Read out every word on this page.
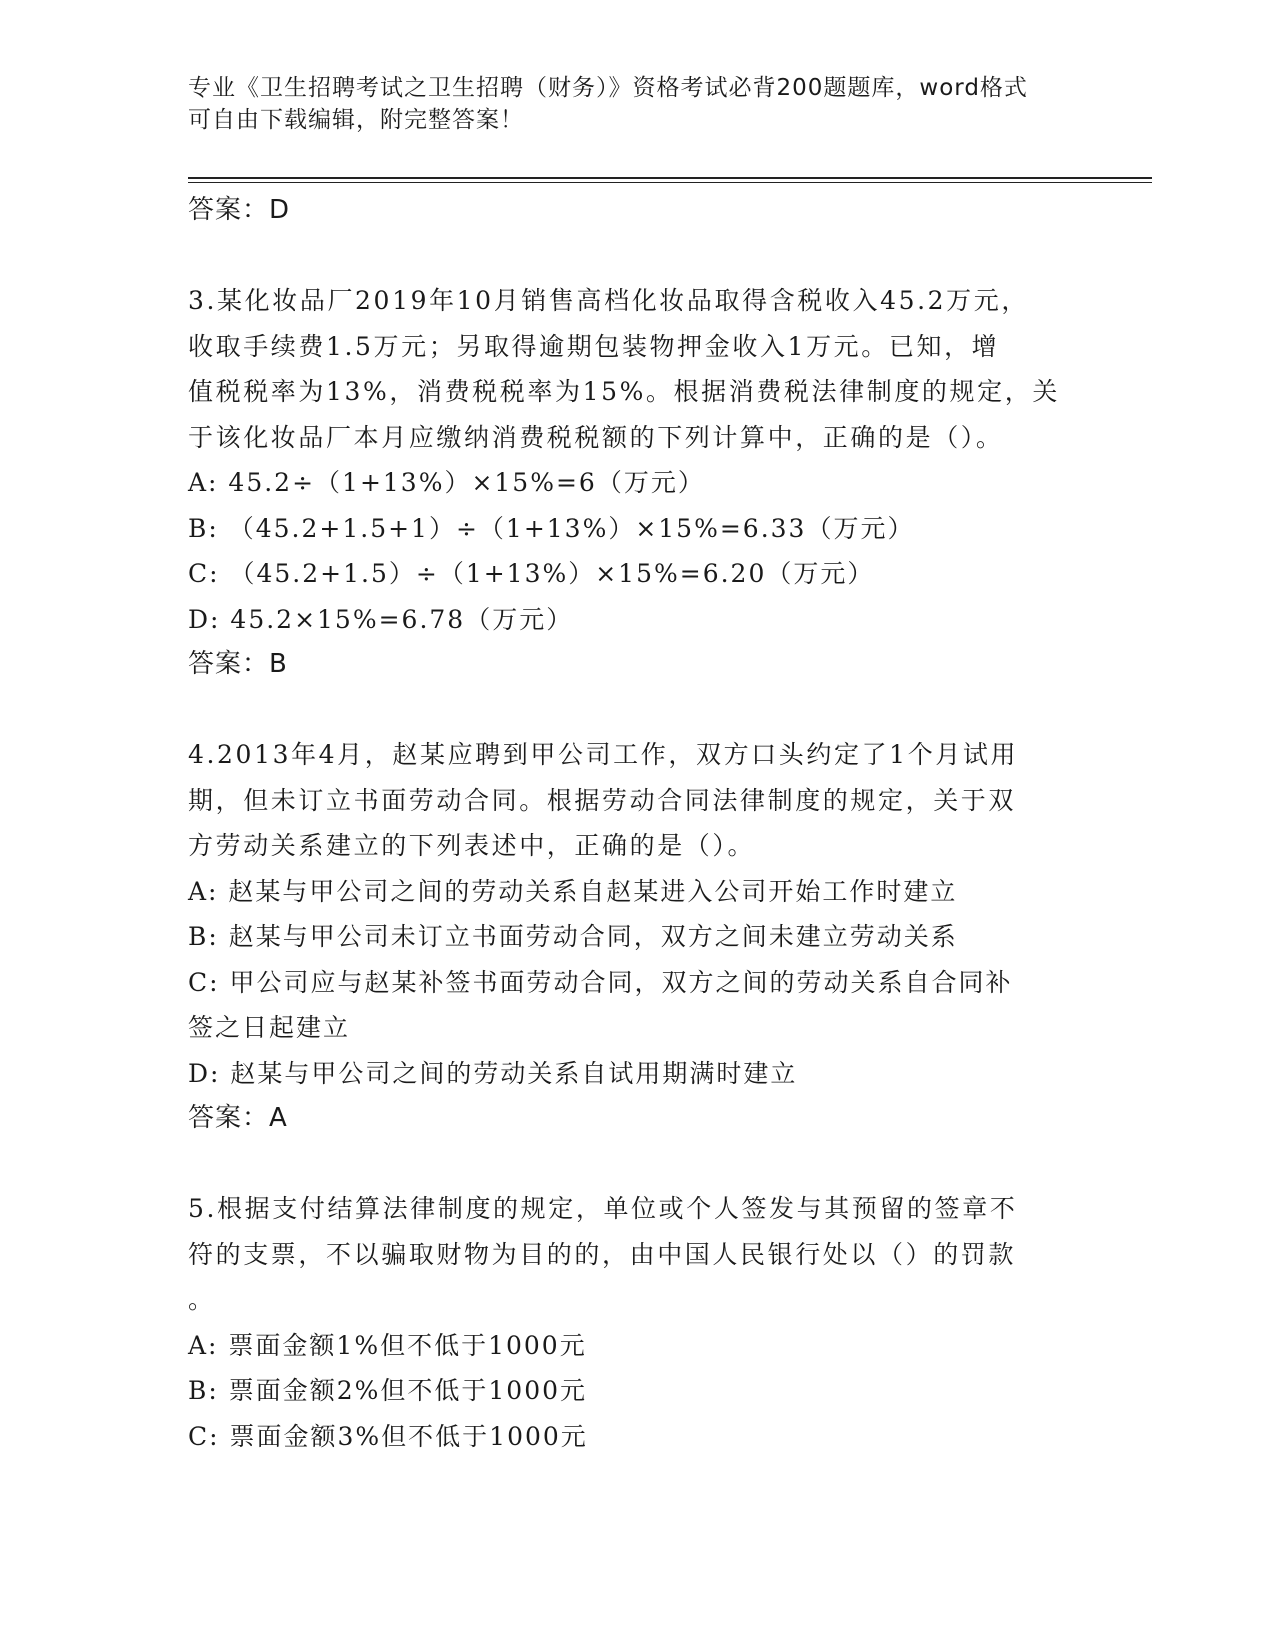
专业《卫生招聘考试之卫生招聘（财务）》资格考试必背200题题库，word格式
可自由下载编辑，附完整答案！
答案：D
3.某化妆品厂2019年10月销售高档化妆品取得含税收入45.2万元，
收取手续费1.5万元；另取得逾期包装物押金收入1万元。已知，增
值税税率为13%，消费税税率为15%。根据消费税法律制度的规定，关
于该化妆品厂本月应缴纳消费税税额的下列计算中，正确的是（）。
A: 45.2÷（1+13%）×15%=6（万元）
B: （45.2+1.5+1）÷（1+13%）×15%=6.33（万元）
C: （45.2+1.5）÷（1+13%）×15%=6.20（万元）
D: 45.2×15%=6.78（万元）
答案：B
4.2013年4月，赵某应聘到甲公司工作，双方口头约定了1个月试用
期，但未订立书面劳动合同。根据劳动合同法律制度的规定，关于双
方劳动关系建立的下列表述中，正确的是（）。
A: 赵某与甲公司之间的劳动关系自赵某进入公司开始工作时建立
B: 赵某与甲公司未订立书面劳动合同，双方之间未建立劳动关系
C: 甲公司应与赵某补签书面劳动合同，双方之间的劳动关系自合同补
签之日起建立
D: 赵某与甲公司之间的劳动关系自试用期满时建立
答案：A
5.根据支付结算法律制度的规定，单位或个人签发与其预留的签章不
符的支票，不以骗取财物为目的的，由中国人民银行处以（）的罚款
。
A: 票面金额1%但不低于1000元
B: 票面金额2%但不低于1000元
C: 票面金额3%但不低于1000元
